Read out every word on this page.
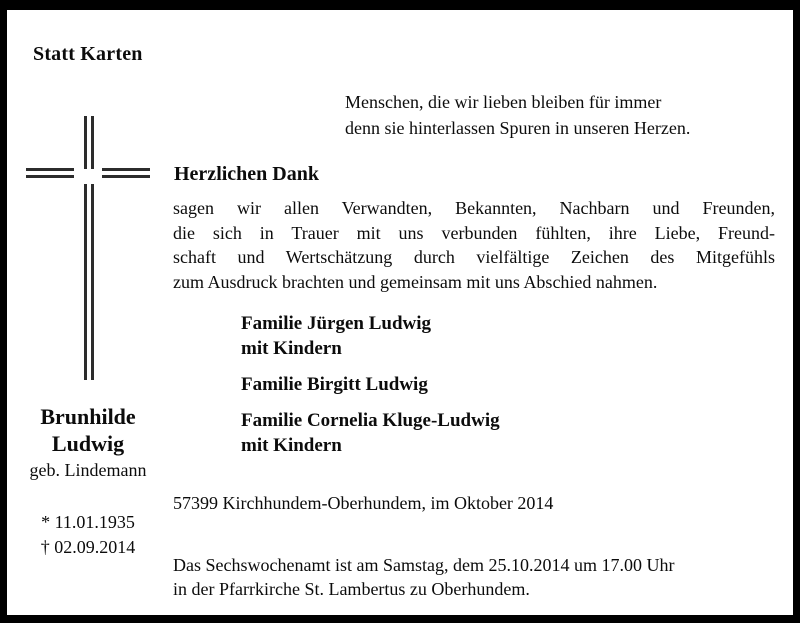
Statt Karten
Menschen, die wir lieben bleiben für immer
denn sie hinterlassen Spuren in unseren Herzen.
Herzlichen Dank
sagen wir allen Verwandten, Bekannten, Nachbarn und Freunden,
die sich in Trauer mit uns verbunden fühlten, ihre Liebe, Freund-
schaft und Wertschätzung durch vielfältige Zeichen des Mitgefühls
zum Ausdruck brachten und gemeinsam mit uns Abschied nahmen.
Familie Jürgen Ludwig
mit Kindern
Familie Birgitt Ludwig
Familie Cornelia Kluge-Ludwig
mit Kindern
Brunhilde
Ludwig
geb. Lindemann
* 11.01.1935
† 02.09.2014
57399 Kirchhundem-Oberhundem, im Oktober 2014
Das Sechswochenamt ist am Samstag, dem 25.10.2014 um 17.00 Uhr
in der Pfarrkirche St. Lambertus zu Oberhundem.
